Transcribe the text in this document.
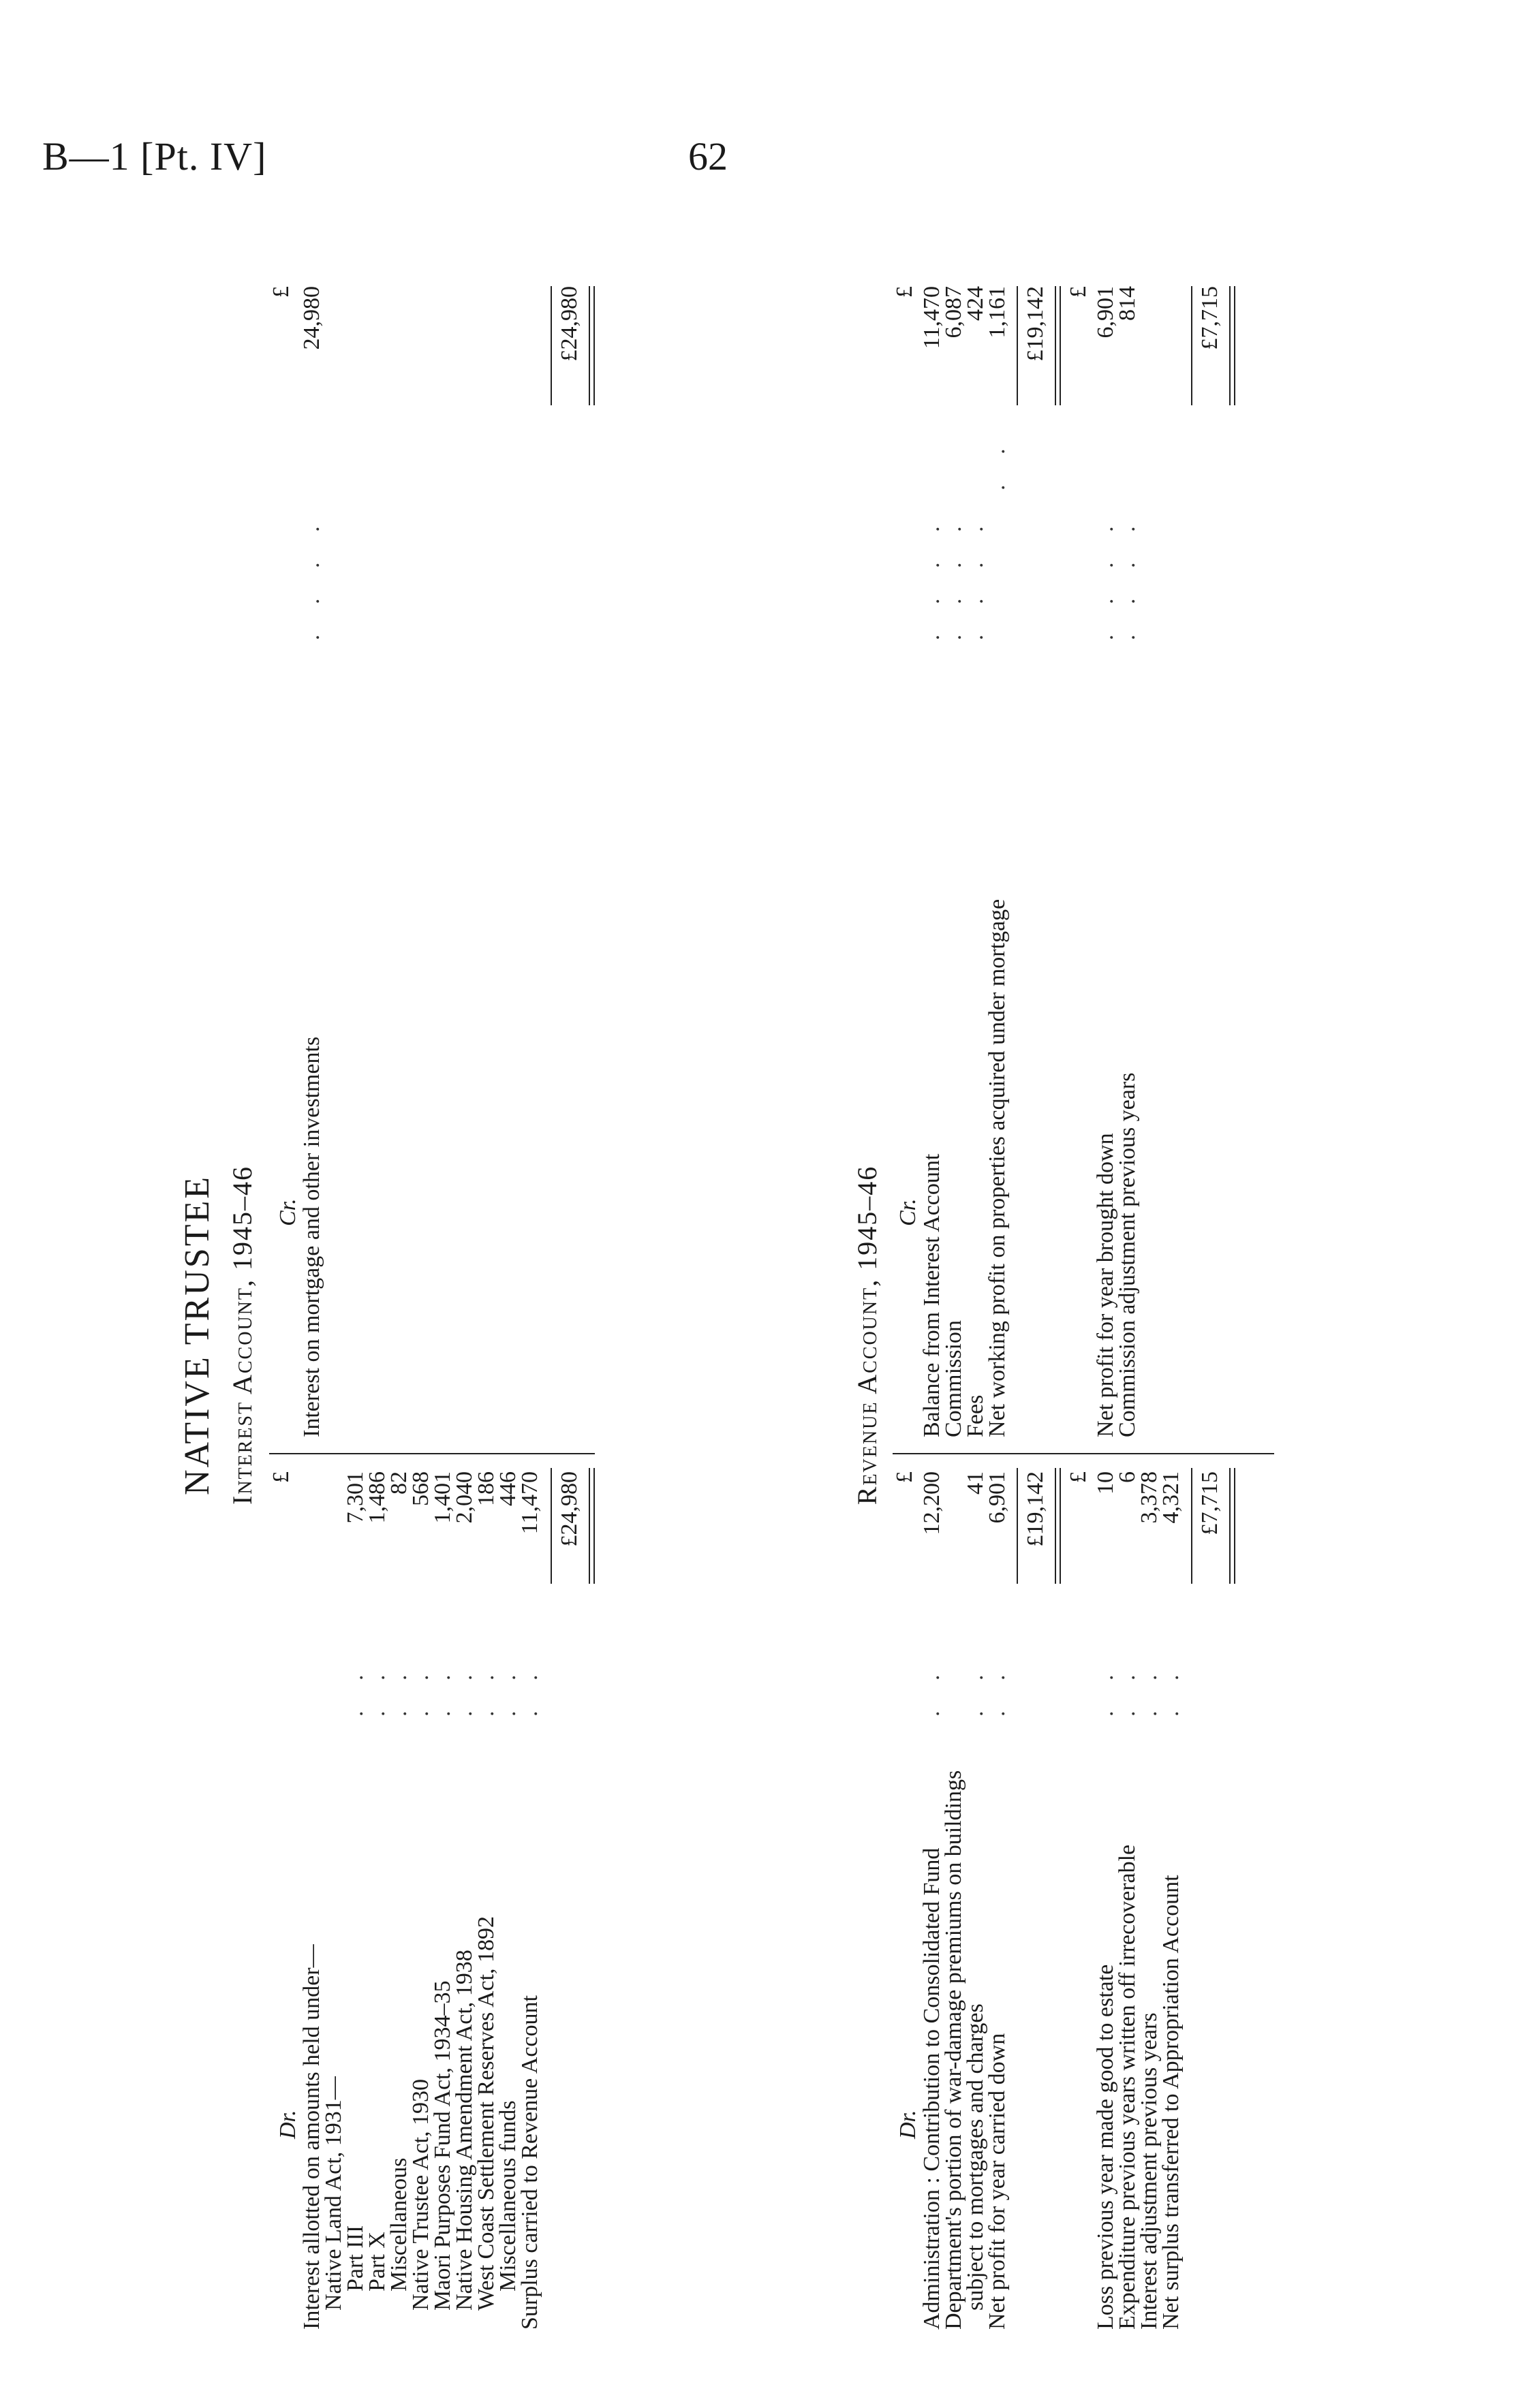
B—1 [Pt. IV]	62
NATIVE TRUSTEE Interest Account, 1945–46
Dr.
£
Cr.
£
Interest allotted on amounts held under—
Native Land Act, 1931—
Part III
Part X
Miscellaneous
Native Trustee Act, 1930
Maori Purposes Fund Act, 1934–35
Native Housing Amendment Act, 1938
West Coast Settlement Reserves Act, 1892
Miscellaneous funds
Surplus carried to Revenue Account
. .
. .
. .
. .
. .
. .
. .
. .
. .
7,301
1,486
82
568
1,401
2,040
186
446
11,470 £24,980
Interest on mortgage and other investments
. . . .
24,980	£24,980
Revenue Account, 1945–46
Dr.
£
Cr.
£
Administration : Contribution to Consolidated Fund
Department's portion of war-damage premiums on buildings
subject to mortgages and charges
Net profit for year carried down
. . . .
. .
12,200 41
6,901 £19,142 £
Loss previous year made good to estate
Expenditure previous years written off irrecoverable
Interest adjustment previous years
Net surplus transferred to Appropriation Account
. .
. .
. .
. .
10
6
3,378
4,321 £7,715
Balance from Interest Account
Commission
Fees
Net working profit on properties acquired under mortgage
. . . .
. . . .
. . . .
. .
11,470
6,087
424
1,161 £19,142 £
Net profit for year brought down
Commission adjustment previous years
. . . .
. . . .
6,901
814 £7,715
